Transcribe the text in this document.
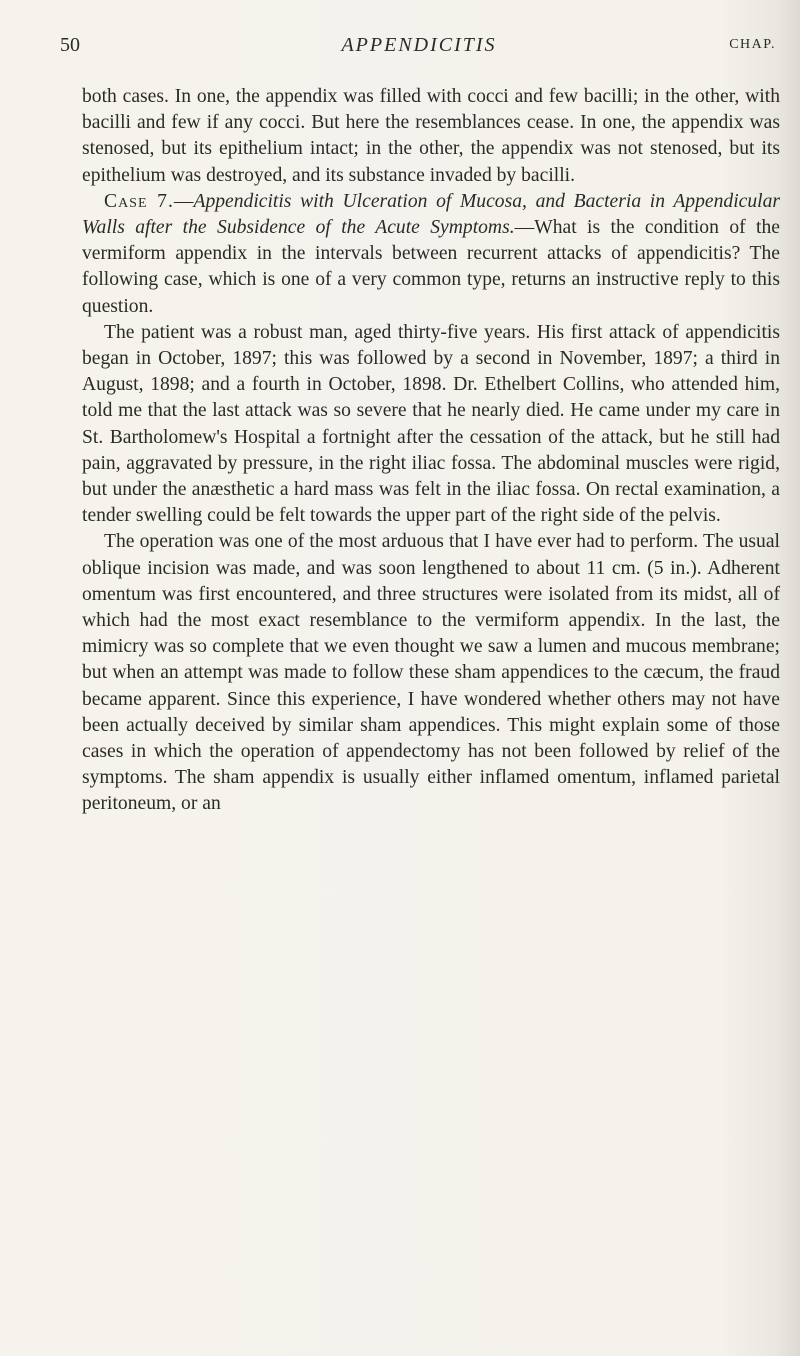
50	APPENDICITIS	CHAP.

both cases. In one, the appendix was filled with cocci and few bacilli; in the other, with bacilli and few if any cocci. But here the resemblances cease. In one, the appendix was stenosed, but its epithelium intact; in the other, the appendix was not stenosed, but its epithelium was destroyed, and its substance invaded by bacilli.

Case 7.—Appendicitis with Ulceration of Mucosa, and Bacteria in Appendicular Walls after the Subsidence of the Acute Symptoms.—What is the condition of the vermiform appendix in the intervals between recurrent attacks of appendicitis? The following case, which is one of a very common type, returns an instructive reply to this question.

The patient was a robust man, aged thirty-five years. His first attack of appendicitis began in October, 1897; this was followed by a second in November, 1897; a third in August, 1898; and a fourth in October, 1898. Dr. Ethelbert Collins, who attended him, told me that the last attack was so severe that he nearly died. He came under my care in St. Bartholomew's Hospital a fortnight after the cessation of the attack, but he still had pain, aggravated by pressure, in the right iliac fossa. The abdominal muscles were rigid, but under the anæsthetic a hard mass was felt in the iliac fossa. On rectal examination, a tender swelling could be felt towards the upper part of the right side of the pelvis.

The operation was one of the most arduous that I have ever had to perform. The usual oblique incision was made, and was soon lengthened to about 11 cm. (5 in.). Adherent omentum was first encountered, and three structures were isolated from its midst, all of which had the most exact resemblance to the vermiform appendix. In the last, the mimicry was so complete that we even thought we saw a lumen and mucous membrane; but when an attempt was made to follow these sham appendices to the cæcum, the fraud became apparent. Since this experience, I have wondered whether others may not have been actually deceived by similar sham appendices. This might explain some of those cases in which the operation of appendectomy has not been followed by relief of the symptoms. The sham appendix is usually either inflamed omentum, inflamed parietal peritoneum, or an
